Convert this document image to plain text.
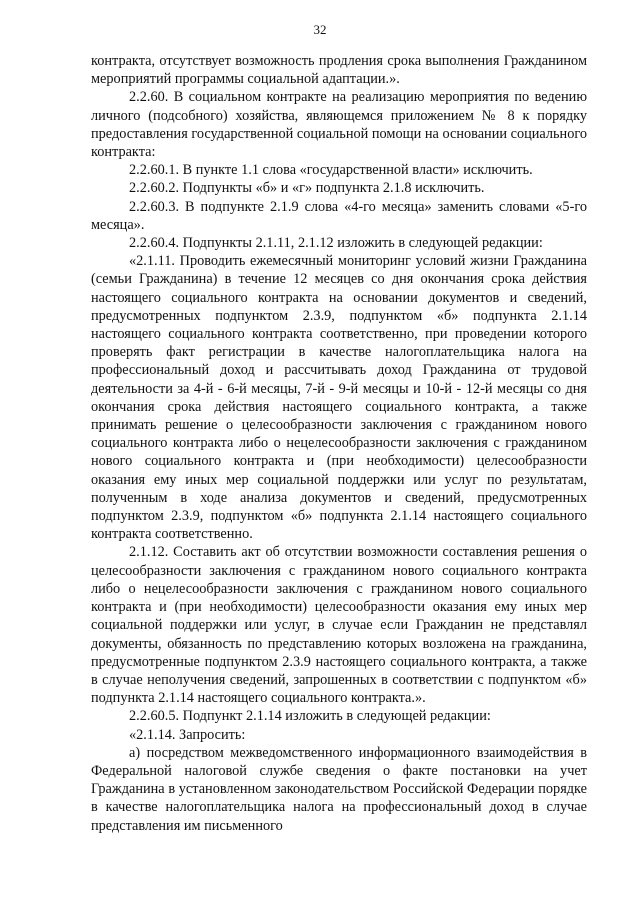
32

контракта, отсутствует возможность продления срока выполнения Гражданином мероприятий программы социальной адаптации.».

2.2.60. В социальном контракте на реализацию мероприятия по ведению личного (подсобного) хозяйства, являющемся приложением № 8 к порядку предоставления государственной социальной помощи на основании социального контракта:

2.2.60.1. В пункте 1.1 слова «государственной власти» исключить.

2.2.60.2. Подпункты «б» и «г» подпункта 2.1.8 исключить.

2.2.60.3. В подпункте 2.1.9 слова «4-го месяца» заменить словами «5-го месяца».

2.2.60.4. Подпункты 2.1.11, 2.1.12 изложить в следующей редакции:

«2.1.11. Проводить ежемесячный мониторинг условий жизни Гражданина (семьи Гражданина) в течение 12 месяцев со дня окончания срока действия настоящего социального контракта на основании документов и сведений, предусмотренных подпунктом 2.3.9, подпунктом «б» подпункта 2.1.14 настоящего социального контракта соответственно, при проведении которого проверять факт регистрации в качестве налогоплательщика налога на профессиональный доход и рассчитывать доход Гражданина от трудовой деятельности за 4-й - 6-й месяцы, 7-й - 9-й месяцы и 10-й - 12-й месяцы со дня окончания срока действия настоящего социального контракта, а также принимать решение о целесообразности заключения с гражданином нового социального контракта либо о нецелесообразности заключения с гражданином нового социального контракта и (при необходимости) целесообразности оказания ему иных мер социальной поддержки или услуг по результатам, полученным в ходе анализа документов и сведений, предусмотренных подпунктом 2.3.9, подпунктом «б» подпункта 2.1.14 настоящего социального контракта соответственно.

2.1.12. Составить акт об отсутствии возможности составления решения о целесообразности заключения с гражданином нового социального контракта либо о нецелесообразности заключения с гражданином нового социального контракта и (при необходимости) целесообразности оказания ему иных мер социальной поддержки или услуг, в случае если Гражданин не представлял документы, обязанность по представлению которых возложена на гражданина, предусмотренные подпунктом 2.3.9 настоящего социального контракта, а также в случае неполучения сведений, запрошенных в соответствии с подпунктом «б» подпункта 2.1.14 настоящего социального контракта.».

2.2.60.5. Подпункт 2.1.14 изложить в следующей редакции:

«2.1.14. Запросить:

а) посредством межведомственного информационного взаимодействия в Федеральной налоговой службе сведения о факте постановки на учет Гражданина в установленном законодательством Российской Федерации порядке в качестве налогоплательщика налога на профессиональный доход в случае представления им письменного
